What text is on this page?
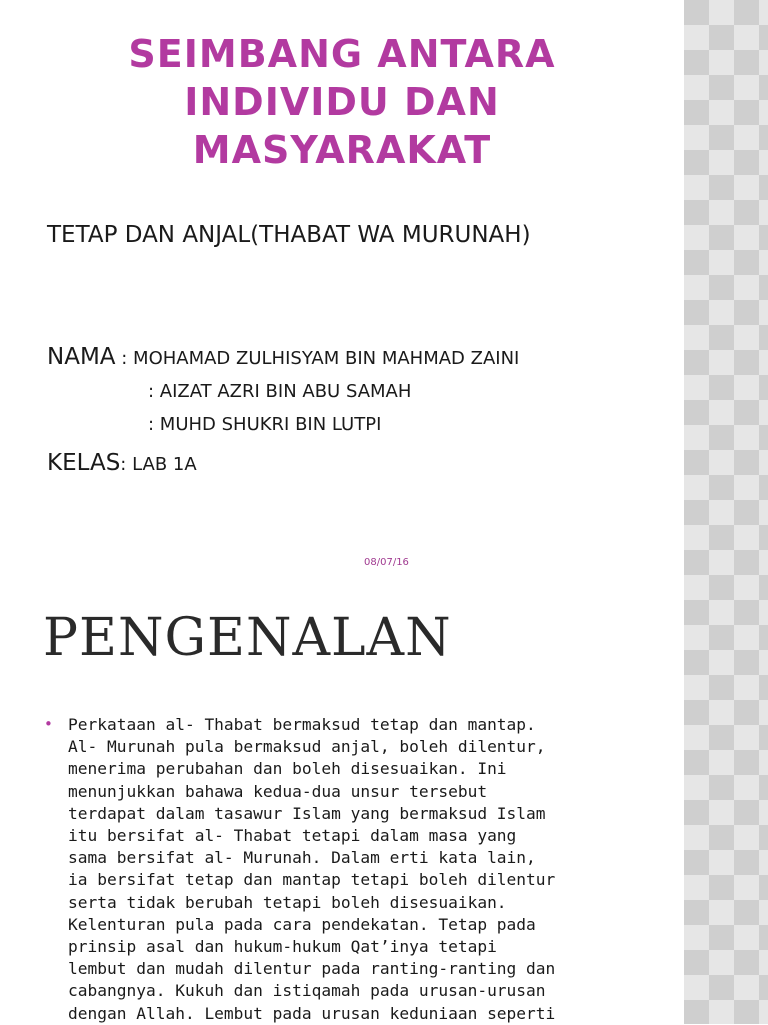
SEIMBANG ANTARA
INDIVIDU DAN
MASYARAKAT

TETAP DAN ANJAL(THABAT WA MURUNAH)

NAMA : MOHAMAD ZULHISYAM BIN MAHMAD ZAINI
: AIZAT AZRI BIN ABU SAMAH
: MUHD SHUKRI BIN LUTPI
KELAS: LAB 1A
08/07/16
PENGENALAN
• Perkataan al- Thabat bermaksud tetap dan mantap.
Al- Murunah pula bermaksud anjal, boleh dilentur,
menerima perubahan dan boleh disesuaikan. Ini
menunjukkan bahawa kedua-dua unsur tersebut
terdapat dalam tasawur Islam yang bermaksud Islam
itu bersifat al- Thabat tetapi dalam masa yang
sama bersifat al- Murunah. Dalam erti kata lain,
ia bersifat tetap dan mantap tetapi boleh dilentur
serta tidak berubah tetapi boleh disesuaikan.
Kelenturan pula pada cara pendekatan. Tetap pada
prinsip asal dan hukum-hukum Qat’inya tetapi
lembut dan mudah dilentur pada ranting-ranting dan
cabangnya. Kukuh dan istiqamah pada urusan-urusan
dengan Allah. Lembut pada urusan keduniaan seperti
